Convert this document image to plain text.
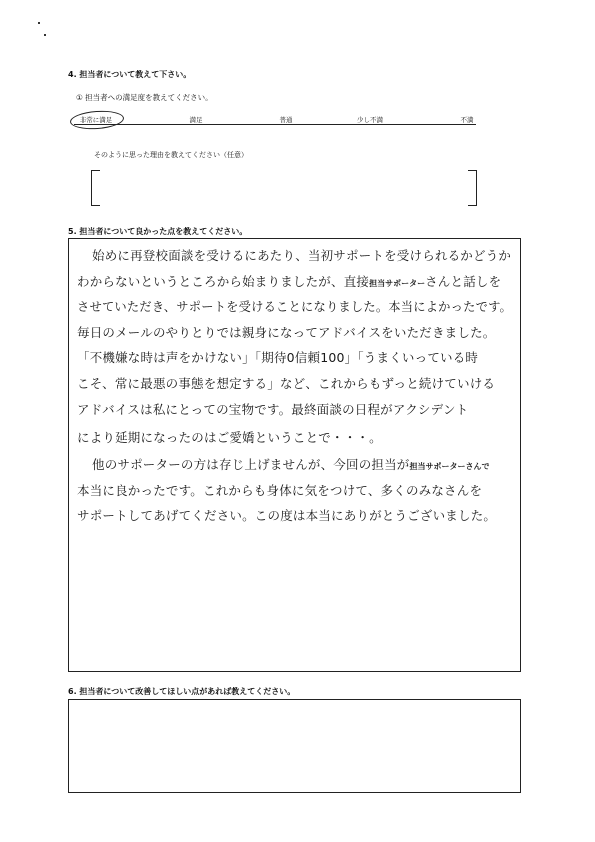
4. 担当者について教えて下さい。
① 担当者への満足度を教えてください。
非常に満足	満足	普通	少し不満	不満
そのように思った理由を教えてください（任意）
5. 担当者について良かった点を教えてください。
始めに再登校面談を受けるにあたり、当初サポートを受けられるかどうか
わからないというところから始まりましたが、直接担当サポーターさんと話しを
させていただき、サポートを受けることになりました。本当によかったです。
毎日のメールのやりとりでは親身になってアドバイスをいただきました。
「不機嫌な時は声をかけない」「期待0信頼100」「うまくいっている時
こそ、常に最悪の事態を想定する」など、これからもずっと続けていける
アドバイスは私にとっての宝物です。最終面談の日程がアクシデント
により延期になったのはご愛嬌ということで・・・。
他のサポーターの方は存じ上げませんが、今回の担当が担当サポーターさんで
本当に良かったです。これからも身体に気をつけて、多くのみなさんを
サポートしてあげてください。この度は本当にありがとうございました。
6. 担当者について改善してほしい点があれば教えてください。
